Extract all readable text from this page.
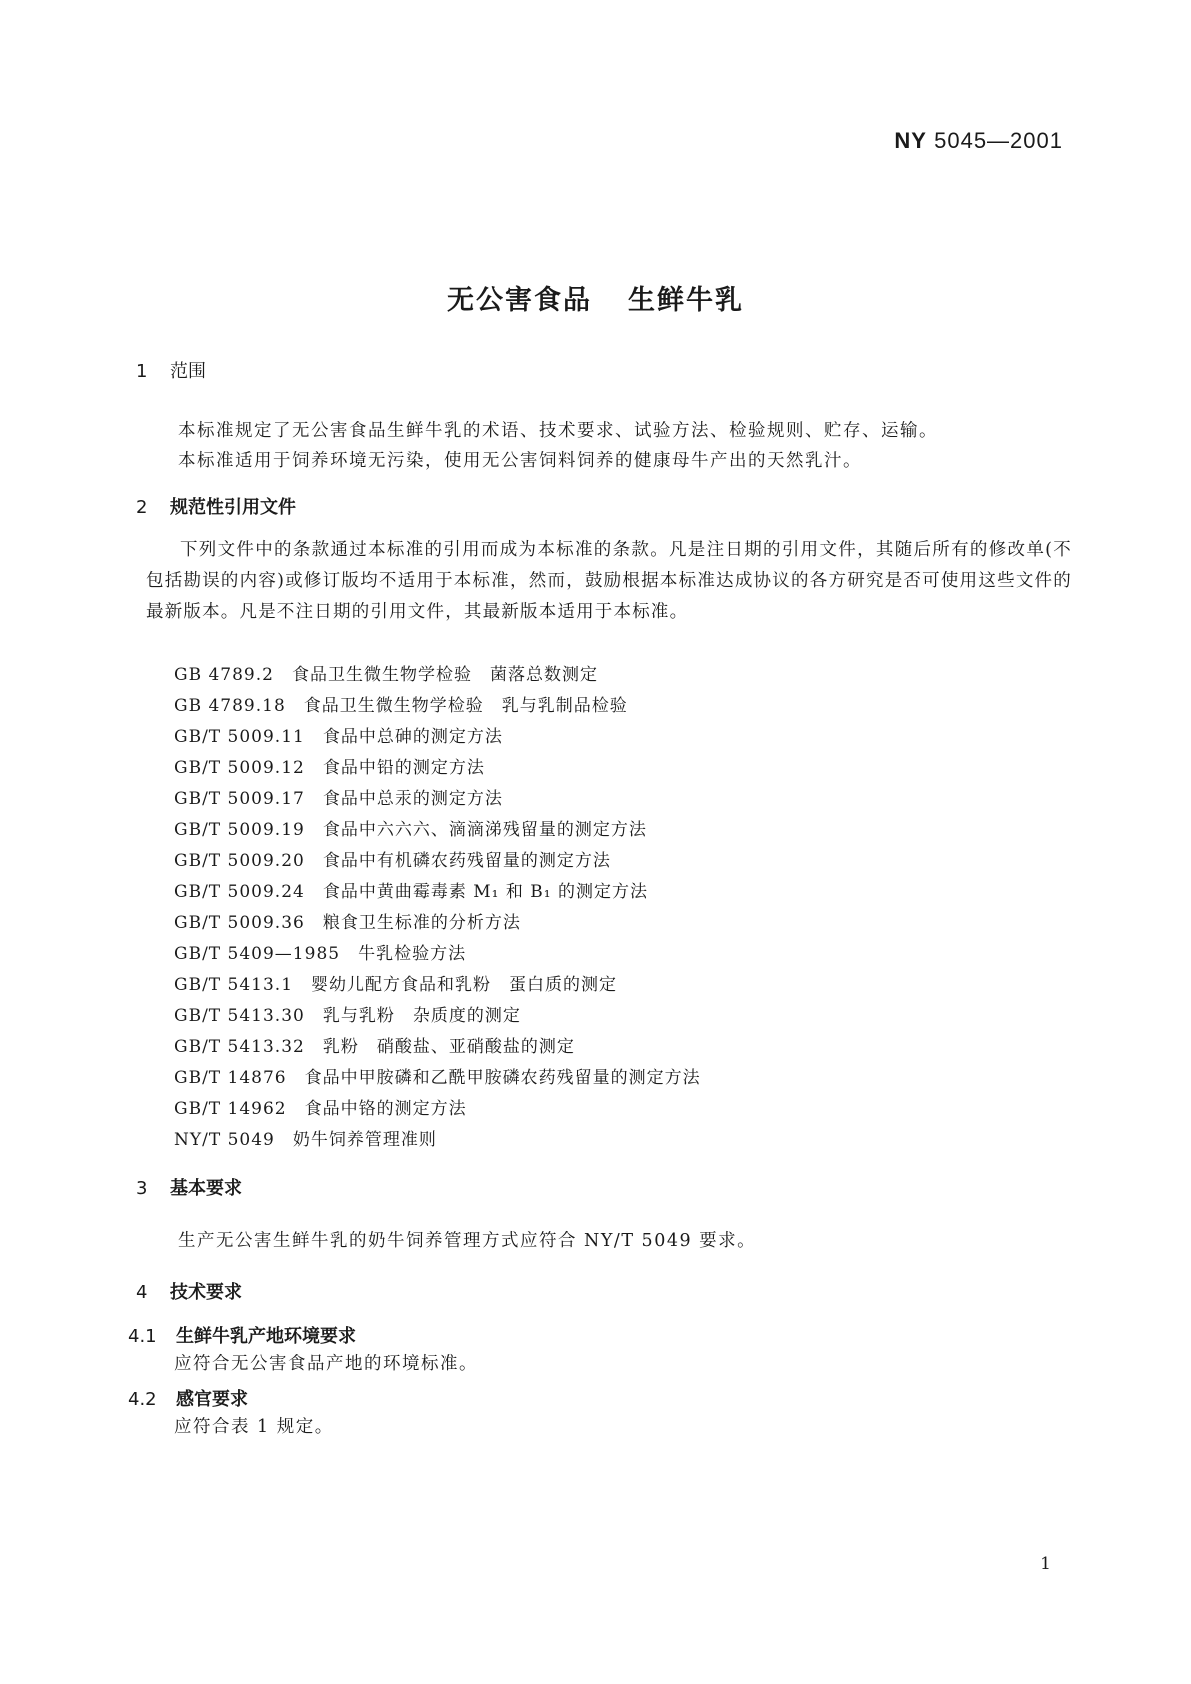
NY 5045—2001
无公害食品 生鲜牛乳
1 范围
本标准规定了无公害食品生鲜牛乳的术语、技术要求、试验方法、检验规则、贮存、运输。
本标准适用于饲养环境无污染，使用无公害饲料饲养的健康母牛产出的天然乳汁。
2 规范性引用文件
下列文件中的条款通过本标准的引用而成为本标准的条款。凡是注日期的引用文件，其随后所有的修改单(不包括勘误的内容)或修订版均不适用于本标准，然而，鼓励根据本标准达成协议的各方研究是否可使用这些文件的最新版本。凡是不注日期的引用文件，其最新版本适用于本标准。
GB 4789.2 食品卫生微生物学检验　菌落总数测定
GB 4789.18 食品卫生微生物学检验　乳与乳制品检验
GB/T 5009.11 食品中总砷的测定方法
GB/T 5009.12 食品中铅的测定方法
GB/T 5009.17 食品中总汞的测定方法
GB/T 5009.19 食品中六六六、滴滴涕残留量的测定方法
GB/T 5009.20 食品中有机磷农药残留量的测定方法
GB/T 5009.24 食品中黄曲霉毒素 M₁ 和 B₁ 的测定方法
GB/T 5009.36 粮食卫生标准的分析方法
GB/T 5409—1985 牛乳检验方法
GB/T 5413.1 婴幼儿配方食品和乳粉　蛋白质的测定
GB/T 5413.30 乳与乳粉　杂质度的测定
GB/T 5413.32 乳粉　硝酸盐、亚硝酸盐的测定
GB/T 14876 食品中甲胺磷和乙酰甲胺磷农药残留量的测定方法
GB/T 14962 食品中铬的测定方法
NY/T 5049 奶牛饲养管理准则
3 基本要求
生产无公害生鲜牛乳的奶牛饲养管理方式应符合 NY/T 5049 要求。
4 技术要求
4.1 生鲜牛乳产地环境要求
应符合无公害食品产地的环境标准。
4.2 感官要求
应符合表 1 规定。
1
